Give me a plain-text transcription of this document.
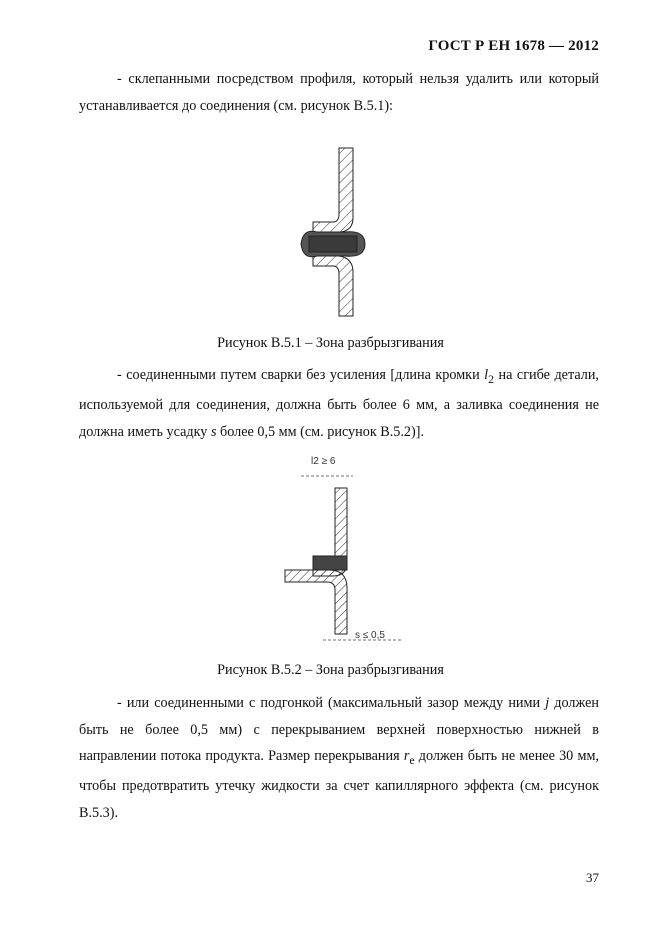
ГОСТ Р ЕН 1678 — 2012

- склепанными посредством профиля, который нельзя удалить или который устанавливается до соединения (см. рисунок В.5.1):

Рисунок В.5.1 – Зона разбрызгивания

- соединенными путем сварки без усиления [длина кромки $l_2$ на сгибе детали, используемой для соединения, должна быть более 6 мм, а заливка соединения не должна иметь усадку s более 0,5 мм (см. рисунок В.5.2)].

l2 ≥ 6
s ≤ 0,5
Рисунок В.5.2 – Зона разбрызгивания

- или соединенными с подгонкой (максимальный зазор между ними j должен быть не более 0,5 мм) с перекрыванием верхней поверхностью нижней в направлении потока продукта. Размер перекрывания $r_e$ должен быть не менее 30 мм, чтобы предотвратить утечку жидкости за счет капиллярного эффекта (см. рисунок В.5.3).

37
